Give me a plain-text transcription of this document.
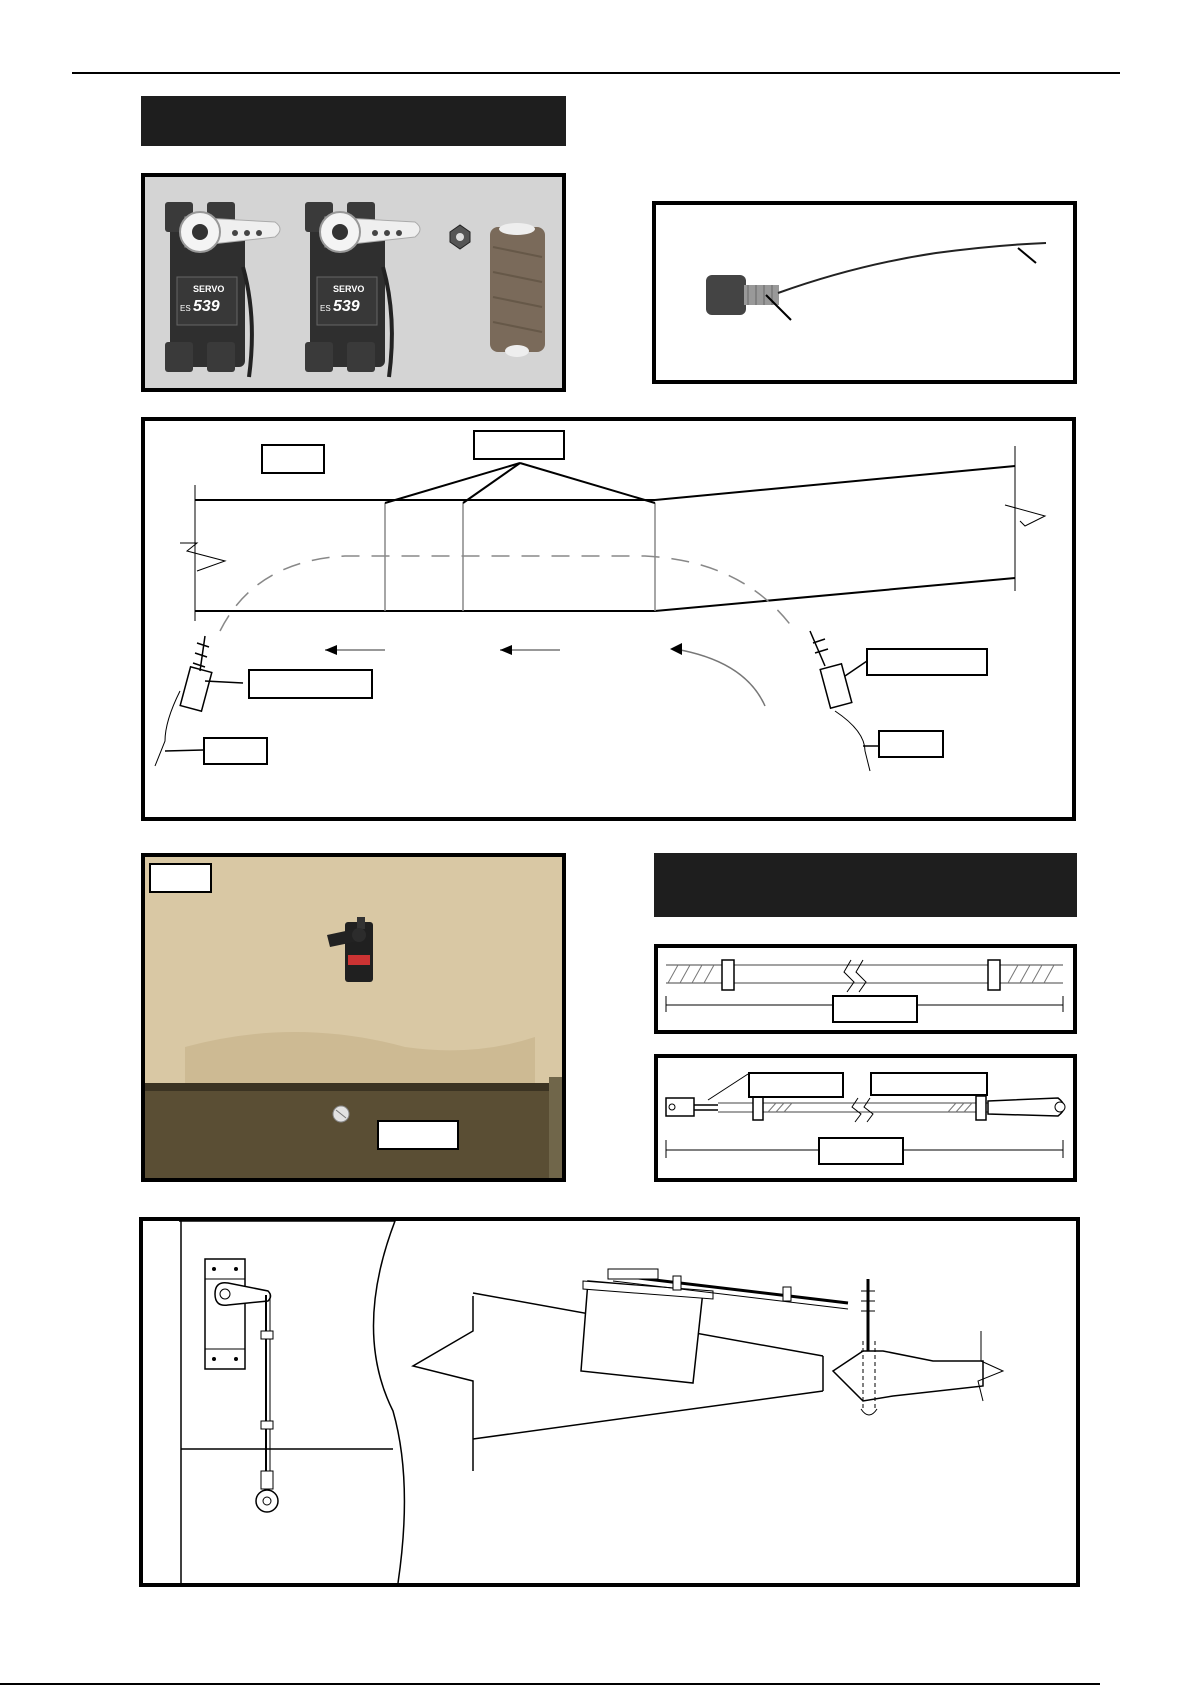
SERVO
ES 539
SERVO
ES 539
